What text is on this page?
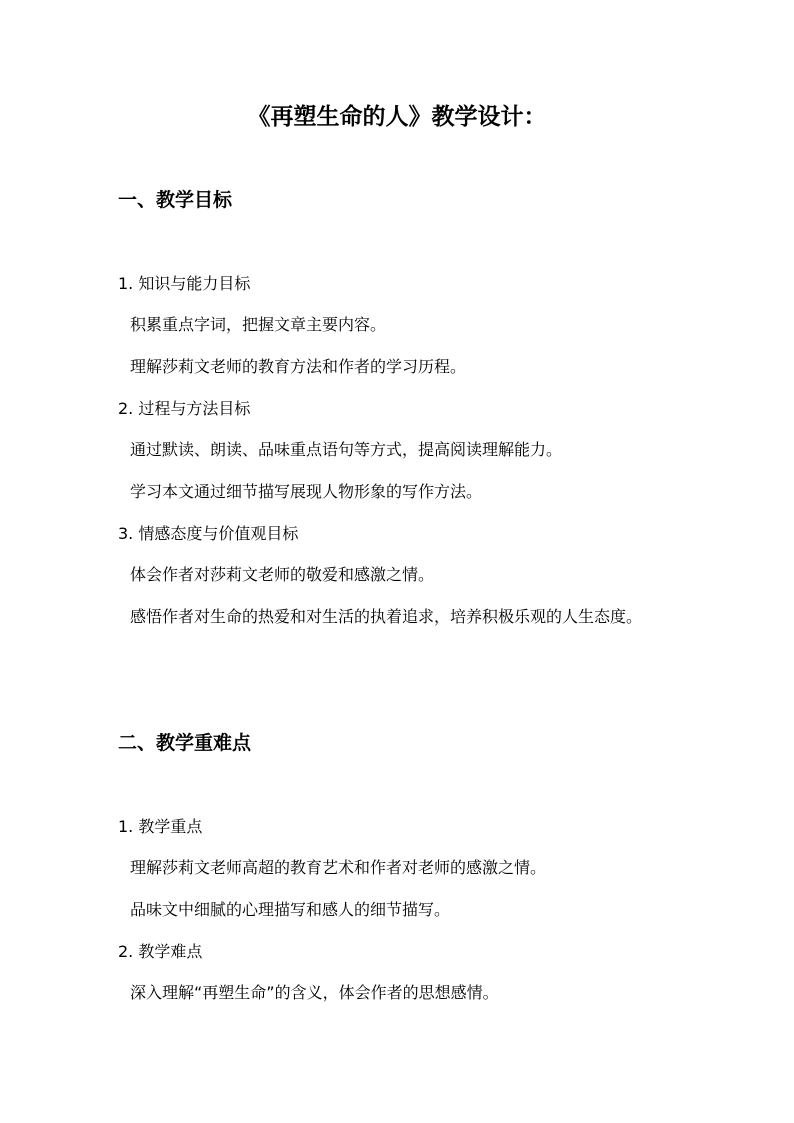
《再塑生命的人》教学设计：
一、教学目标
1. 知识与能力目标

积累重点字词，把握文章主要内容。

理解莎莉文老师的教育方法和作者的学习历程。

2. 过程与方法目标

通过默读、朗读、品味重点语句等方式，提高阅读理解能力。

学习本文通过细节描写展现人物形象的写作方法。

3. 情感态度与价值观目标

体会作者对莎莉文老师的敬爱和感激之情。

感悟作者对生命的热爱和对生活的执着追求，培养积极乐观的人生态度。

二、教学重难点
1. 教学重点

理解莎莉文老师高超的教育艺术和作者对老师的感激之情。

品味文中细腻的心理描写和感人的细节描写。

2. 教学难点

深入理解“再塑生命”的含义，体会作者的思想感情。
